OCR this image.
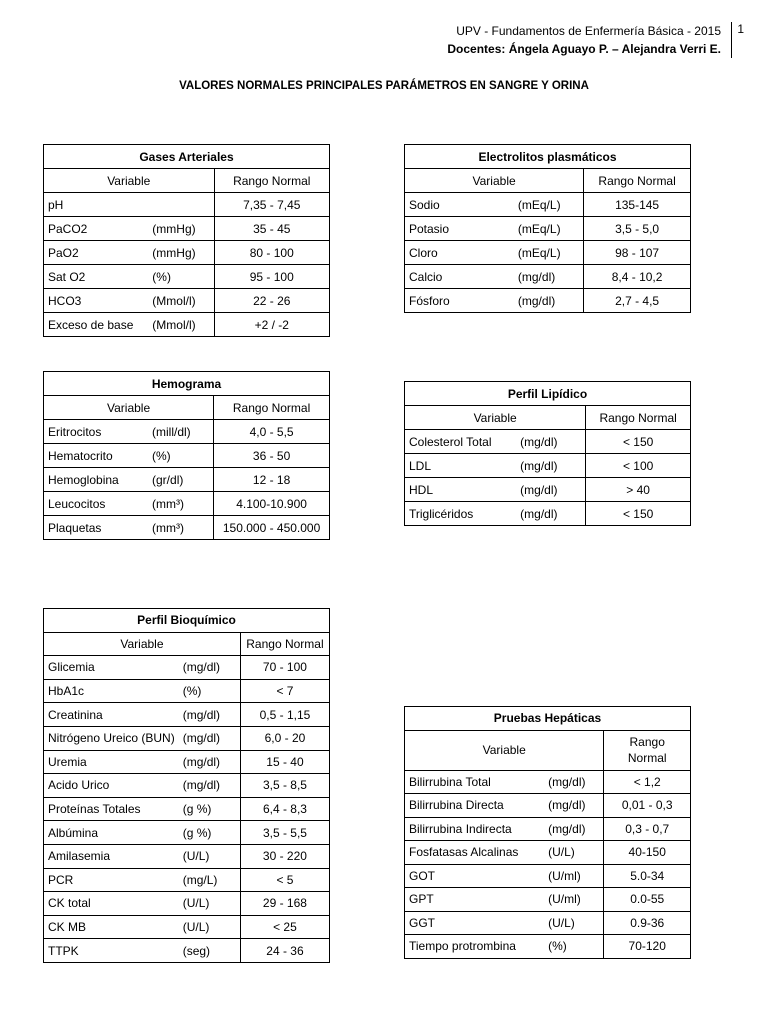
UPV - Fundamentos de Enfermería Básica - 2015
Docentes: Ángela Aguayo P. – Alejandra Verri E.
1
VALORES NORMALES PRINCIPALES PARÁMETROS EN SANGRE Y ORINA
Gases Arteriales		
Variable		Rango Normal
pH		7,35 - 7,45
PaCO2	(mmHg)	35 - 45
PaO2	(mmHg)	80 - 100
Sat O2	(%)	95 - 100
HCO3	(Mmol/l)	22 - 26
Exceso de base	(Mmol/l)	+2 / -2
Electrolitos plasmáticos		
Variable		Rango Normal
Sodio	(mEq/L)	135-145
Potasio	(mEq/L)	3,5 - 5,0
Cloro	(mEq/L)	98 - 107
Calcio	(mg/dl)	8,4 - 10,2
Fósforo	(mg/dl)	2,7 - 4,5
Hemograma		
Variable		Rango Normal
Eritrocitos	(mill/dl)	4,0 - 5,5
Hematocrito	(%)	36 - 50
Hemoglobina	(gr/dl)	12 - 18
Leucocitos	(mm³)	4.100-10.900
Plaquetas	(mm³)	150.000 - 450.000
Perfil Lipídico		
Variable		Rango Normal
Colesterol Total	(mg/dl)	< 150
LDL	(mg/dl)	< 100
HDL	(mg/dl)	> 40
Triglicéridos	(mg/dl)	< 150
Perfil Bioquímico		
Variable		Rango Normal
Glicemia	(mg/dl)	70 - 100
HbA1c	(%)	< 7
Creatinina	(mg/dl)	0,5 - 1,15
Nitrógeno Ureico (BUN)	(mg/dl)	6,0 - 20
Uremia	(mg/dl)	15 - 40
Acido Urico	(mg/dl)	3,5 - 8,5
Proteínas Totales	(g %)	6,4 - 8,3
Albúmina	(g %)	3,5 - 5,5
Amilasemia	(U/L)	30 - 220
PCR	(mg/L)	< 5
CK total	(U/L)	29 - 168
CK MB	(U/L)	< 25
TTPK	(seg)	24 - 36
Pruebas Hepáticas		
Variable		Rango
Normal
Bilirrubina Total	(mg/dl)	< 1,2
Bilirrubina Directa	(mg/dl)	0,01 - 0,3
Bilirrubina Indirecta	(mg/dl)	0,3 - 0,7
Fosfatasas Alcalinas	(U/L)	40-150
GOT	(U/ml)	5.0-34
GPT	(U/ml)	0.0-55
GGT	(U/L)	0.9-36
Tiempo protrombina	(%)	70-120
